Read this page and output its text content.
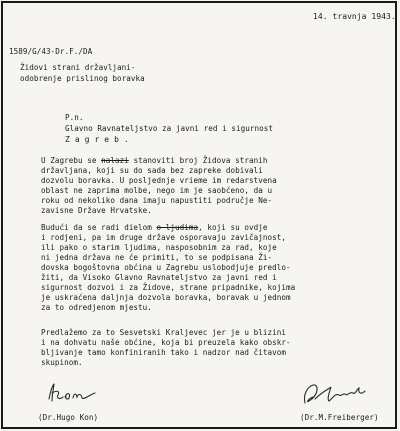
14. travnja 1943.
1589/G/43-Dr.F./DA
Židovi strani državljani-
odobrenje prislinog boravka
P.n.
Glavno Ravnateljstvo za javni red i sigurnost
Zagreb.
U Zagrebu se nalazi stanoviti broj Židova stranih
državljana, koji su do sada bez zapreke dobivali
dozvolu boravka. U posljednje vrieme im redarstvena
oblast ne zaprima molbe, nego im je saobćeno, da u
roku od nekoliko dana imaju napustiti područje Ne-
zavisne Države Hrvatske.
Budući da se radi dielom o ljudima, koji su ovdje
i rodjeni, pa im druge države osporavaju zavičajnost,
ili pako o starim ljudima, nasposobnim za rad, koje
ni jedna država ne će primiti, to se podpisana Ži-
dovska bogoštovna obćina u Zagrebu uslobodjuje predlo-
žiti, da Visoko Glavno Ravnateljstvo za javni red i
sigurnost dozvoi i za Židove, strane pripadnike, kojima
je uskraćena daljnja dozvola boravka, boravak u jednom
za to odredjenom mjestu.
Predlažemo za to Sesvetski Kraljevec jer je u blizini
i na dohvatu naše obćine, koja bi preuzela kako obskr-
bljivanje tamo konfiniranih tako i nadzor nad čitavom
skupinom.
(Dr.Hugo Kon)	(Dr.M.Freiberger)
